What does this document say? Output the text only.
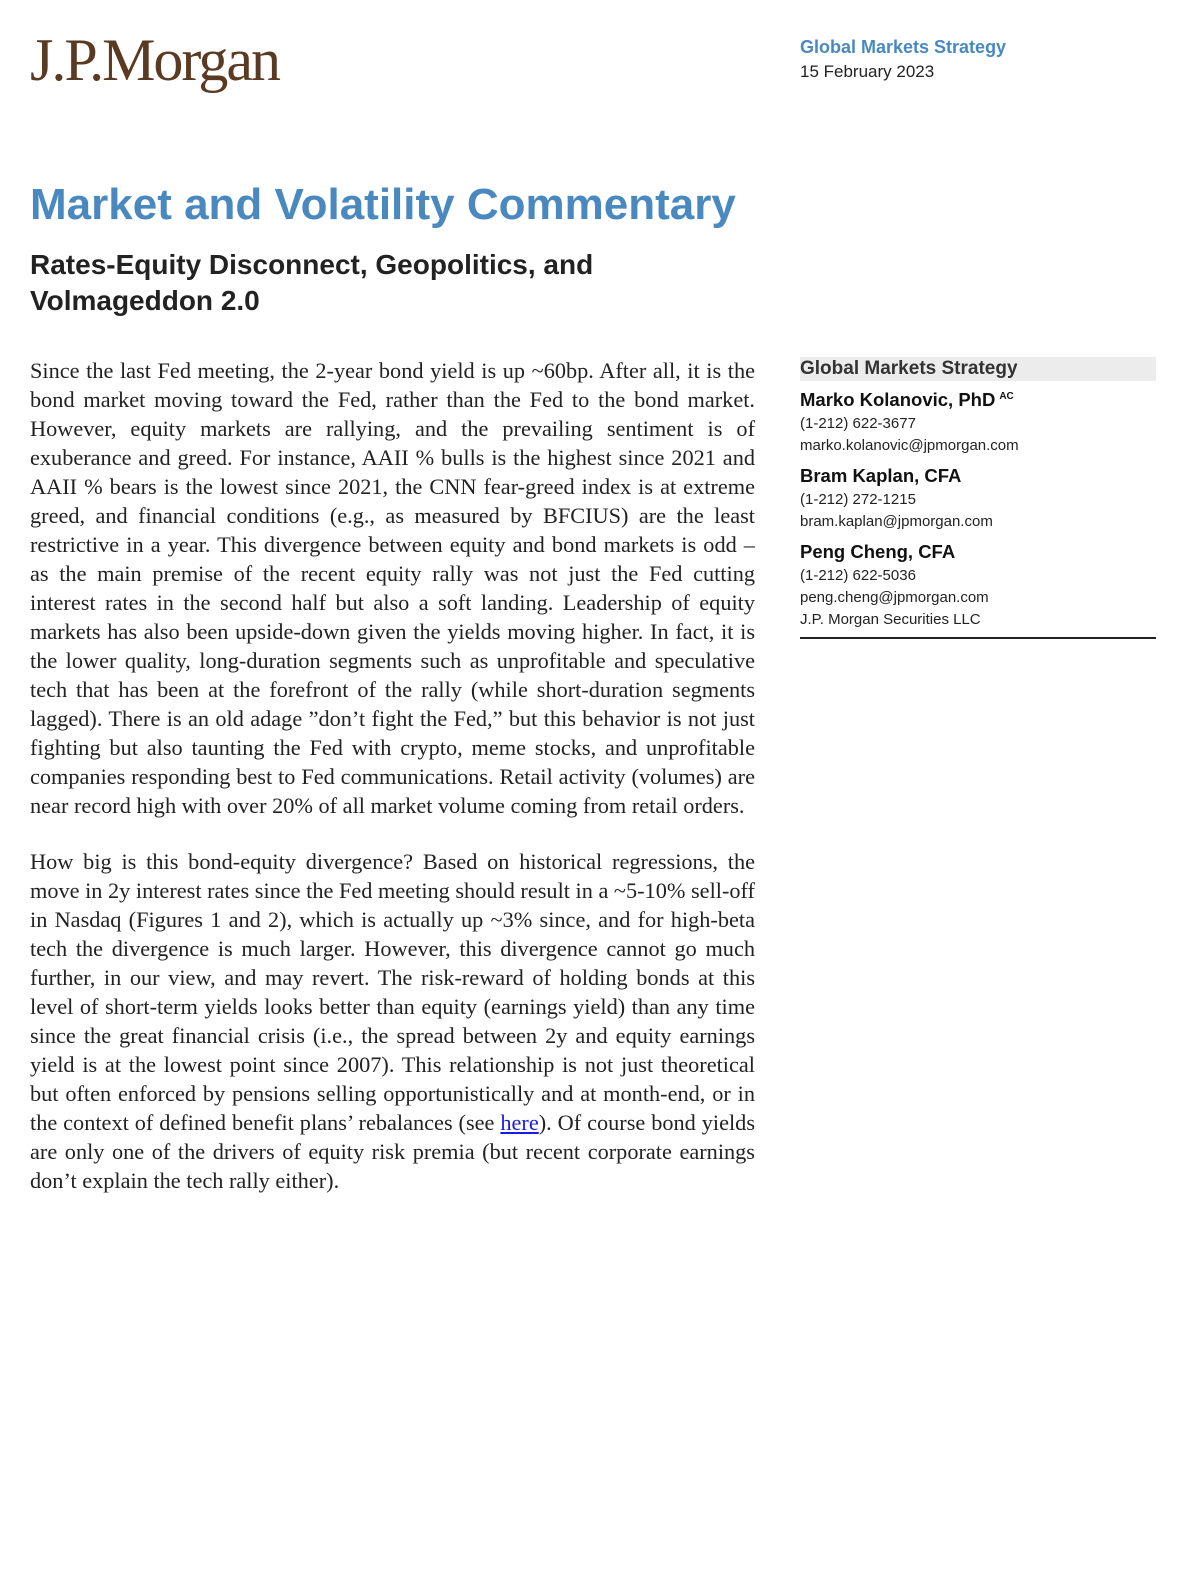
J.P.Morgan	Global Markets Strategy
15 February 2023
Market and Volatility Commentary
Rates-Equity Disconnect, Geopolitics, and Volmageddon 2.0

Since the last Fed meeting, the 2-year bond yield is up ~60bp. After all, it is the bond market moving toward the Fed, rather than the Fed to the bond market. However, equity markets are rallying, and the prevailing sentiment is of exuberance and greed. For instance, AAII % bulls is the highest since 2021 and AAII % bears is the lowest since 2021, the CNN fear-greed index is at extreme greed, and financial conditions (e.g., as measured by BFCIUS) are the least restrictive in a year. This divergence between equity and bond markets is odd – as the main premise of the recent equity rally was not just the Fed cutting interest rates in the second half but also a soft landing. Leadership of equity markets has also been upside-down given the yields moving higher. In fact, it is the lower quality, long-duration segments such as unprofitable and speculative tech that has been at the forefront of the rally (while short-duration segments lagged). There is an old adage ”don’t fight the Fed,” but this behavior is not just fighting but also taunting the Fed with crypto, meme stocks, and unprofitable companies responding best to Fed communications. Retail activity (volumes) are near record high with over 20% of all market volume coming from retail orders.

How big is this bond-equity divergence? Based on historical regressions, the move in 2y interest rates since the Fed meeting should result in a ~5-10% sell-off in Nasdaq (Figures 1 and 2), which is actually up ~3% since, and for high-beta tech the divergence is much larger. However, this divergence cannot go much further, in our view, and may revert. The risk-reward of holding bonds at this level of short-term yields looks better than equity (earnings yield) than any time since the great financial crisis (i.e., the spread between 2y and equity earnings yield is at the lowest point since 2007). This relationship is not just theoretical but often enforced by pensions selling opportunistically and at month-end, or in the context of defined benefit plans’ rebalances (see here). Of course bond yields are only one of the drivers of equity risk premia (but recent corporate earnings don’t explain the tech rally either).

Global Markets Strategy
Marko Kolanovic, PhD $^{AC}$
(1-212) 622-3677
marko.kolanovic@jpmorgan.com
Bram Kaplan, CFA
(1-212) 272-1215
bram.kaplan@jpmorgan.com
Peng Cheng, CFA
(1-212) 622-5036
peng.cheng@jpmorgan.com
J.P. Morgan Securities LLC
